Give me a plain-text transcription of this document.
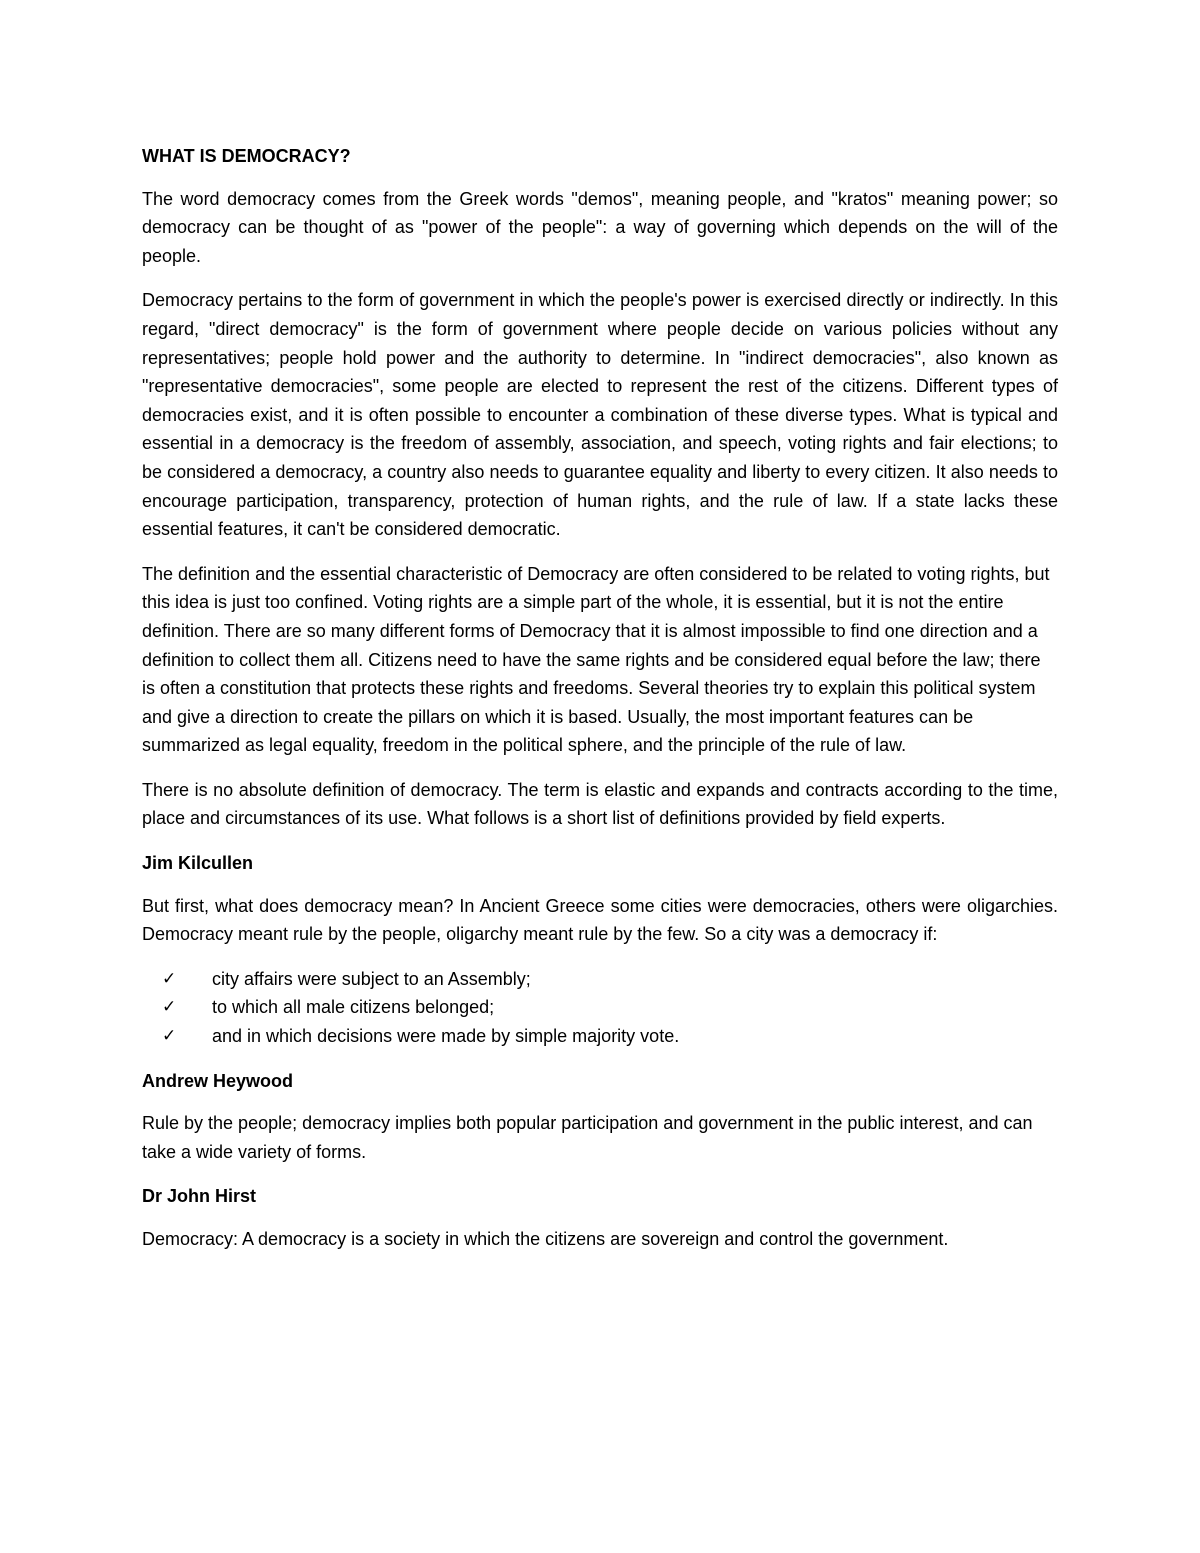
WHAT IS DEMOCRACY?

The word democracy comes from the Greek words "demos", meaning people, and "kratos" meaning power; so democracy can be thought of as "power of the people": a way of governing which depends on the will of the people.

Democracy pertains to the form of government in which the people's power is exercised directly or indirectly. In this regard, "direct democracy" is the form of government where people decide on various policies without any representatives; people hold power and the authority to determine. In "indirect democracies", also known as "representative democracies", some people are elected to represent the rest of the citizens. Different types of democracies exist, and it is often possible to encounter a combination of these diverse types. What is typical and essential in a democracy is the freedom of assembly, association, and speech, voting rights and fair elections; to be considered a democracy, a country also needs to guarantee equality and liberty to every citizen. It also needs to encourage participation, transparency, protection of human rights, and the rule of law. If a state lacks these essential features, it can't be considered democratic.

The definition and the essential characteristic of Democracy are often considered to be related to voting rights, but this idea is just too confined. Voting rights are a simple part of the whole, it is essential, but it is not the entire definition. There are so many different forms of Democracy that it is almost impossible to find one direction and a definition to collect them all. Citizens need to have the same rights and be considered equal before the law; there is often a constitution that protects these rights and freedoms. Several theories try to explain this political system and give a direction to create the pillars on which it is based. Usually, the most important features can be summarized as legal equality, freedom in the political sphere, and the principle of the rule of law.

There is no absolute definition of democracy. The term is elastic and expands and contracts according to the time, place and circumstances of its use. What follows is a short list of definitions provided by field experts.

Jim Kilcullen

But first, what does democracy mean? In Ancient Greece some cities were democracies, others were oligarchies. Democracy meant rule by the people, oligarchy meant rule by the few. So a city was a democracy if:

✓ city affairs were subject to an Assembly;
✓ to which all male citizens belonged;
✓ and in which decisions were made by simple majority vote.
Andrew Heywood

Rule by the people; democracy implies both popular participation and government in the public interest, and can take a wide variety of forms.

Dr John Hirst

Democracy: A democracy is a society in which the citizens are sovereign and control the government.
